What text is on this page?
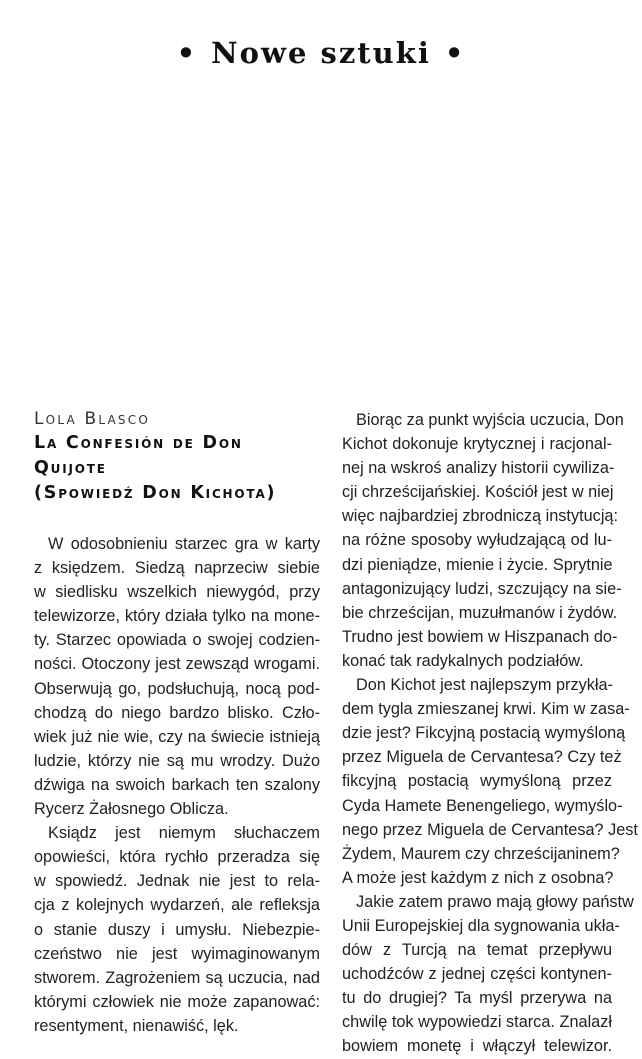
• Nowe sztuki •
Lola Blasco
La Confesión de Don
Quijote
(Spowiedź Don Kichota)

W odosobnieniu starzec gra w karty
z księdzem. Siedzą naprzeciw siebie
w siedlisku wszelkich niewygód, przy
telewizorze, który działa tylko na mone-
ty. Starzec opowiada o swojej codzien-
ności. Otoczony jest zewsząd wrogami.
Obserwują go, podsłuchują, nocą pod-
chodzą do niego bardzo blisko. Czło-
wiek już nie wie, czy na świecie istnieją
ludzie, którzy nie są mu wrodzy. Dużo
dźwiga na swoich barkach ten szalony
Rycerz Żałosnego Oblicza.

Ksiądz jest niemym słuchaczem
opowieści, która rychło przeradza się
w spowiedź. Jednak nie jest to rela-
cja z kolejnych wydarzeń, ale refleksja
o stanie duszy i umysłu. Niebezpie-
czeństwo nie jest wyimaginowanym
stworem. Zagrożeniem są uczucia, nad
którymi człowiek nie może zapanować:
resentyment, nienawiść, lęk.

Biorąc za punkt wyjścia uczucia, Don
Kichot dokonuje krytycznej i racjonal-
nej na wskroś analizy historii cywiliza-
cji chrześcijańskiej. Kościół jest w niej
więc najbardziej zbrodniczą instytucją:
na różne sposoby wyłudzającą od lu-
dzi pieniądze, mienie i życie. Sprytnie
antagonizujący ludzi, szczujący na sie-
bie chrześcijan, muzułmanów i żydów.
Trudno jest bowiem w Hiszpanach do-
konać tak radykalnych podziałów.

Don Kichot jest najlepszym przykła-
dem tygla zmieszanej krwi. Kim w zasa-
dzie jest? Fikcyjną postacią wymyśloną
przez Miguela de Cervantesa? Czy też
fikcyjną postacią wymyśloną przez
Cyda Hamete Benengeliego, wymyślo-
nego przez Miguela de Cervantesa? Jest
Żydem, Maurem czy chrześcijaninem?
A może jest każdym z nich z osobna?

Jakie zatem prawo mają głowy państw
Unii Europejskiej dla sygnowania ukła-
dów z Turcją na temat przepływu
uchodźców z jednej części kontynen-
tu do drugiej? Ta myśl przerywa na
chwilę tok wypowiedzi starca. Znalazł
bowiem monetę i włączył telewizor.
